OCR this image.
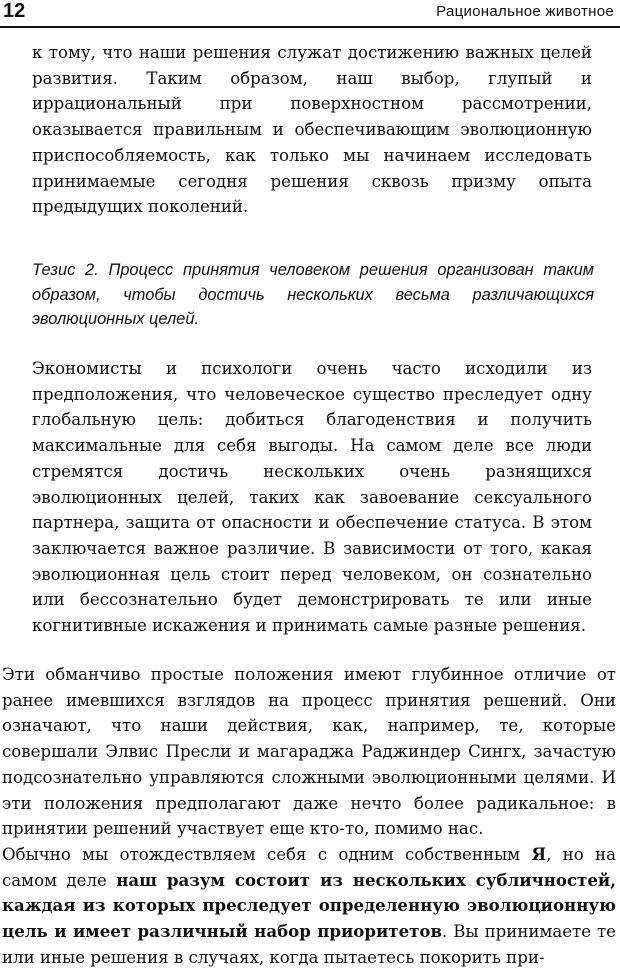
12	Рациональное животное

к тому, что наши решения служат достижению важных целей развития. Таким образом, наш выбор, глупый и иррациональный при поверхностном рассмотрении, оказывается правильным и обеспечивающим эволюционную приспособляемость, как только мы начинаем исследовать принимаемые сегодня решения сквозь призму опыта предыдущих поколений.

Тезис 2. Процесс принятия человеком решения организован таким образом, чтобы достичь нескольких весьма различающихся эволюционных целей.

Экономисты и психологи очень часто исходили из предположения, что человеческое существо преследует одну глобальную цель: добиться благоденствия и получить максимальные для себя выгоды. На самом деле все люди стремятся достичь нескольких очень разнящихся эволюционных целей, таких как завоевание сексуального партнера, защита от опасности и обеспечение статуса. В этом заключается важное различие. В зависимости от того, какая эволюционная цель стоит перед человеком, он сознательно или бессознательно будет демонстрировать те или иные когнитивные искажения и принимать самые разные решения.

Эти обманчиво простые положения имеют глубинное отличие от ранее имевшихся взглядов на процесс принятия решений. Они означают, что наши действия, как, например, те, которые совершали Элвис Пресли и магараджа Раджиндер Сингх, зачастую подсознательно управляются сложными эволюционными целями. И эти положения предполагают даже нечто более радикальное: в принятии решений участвует еще кто-то, помимо нас.

Обычно мы отождествляем себя с одним собственным Я, но на самом деле наш разум состоит из нескольких субличностей, каждая из которых преследует определенную эволюционную цель и имеет различный набор приоритетов. Вы принимаете те или иные решения в случаях, когда пытаетесь покорить при-
